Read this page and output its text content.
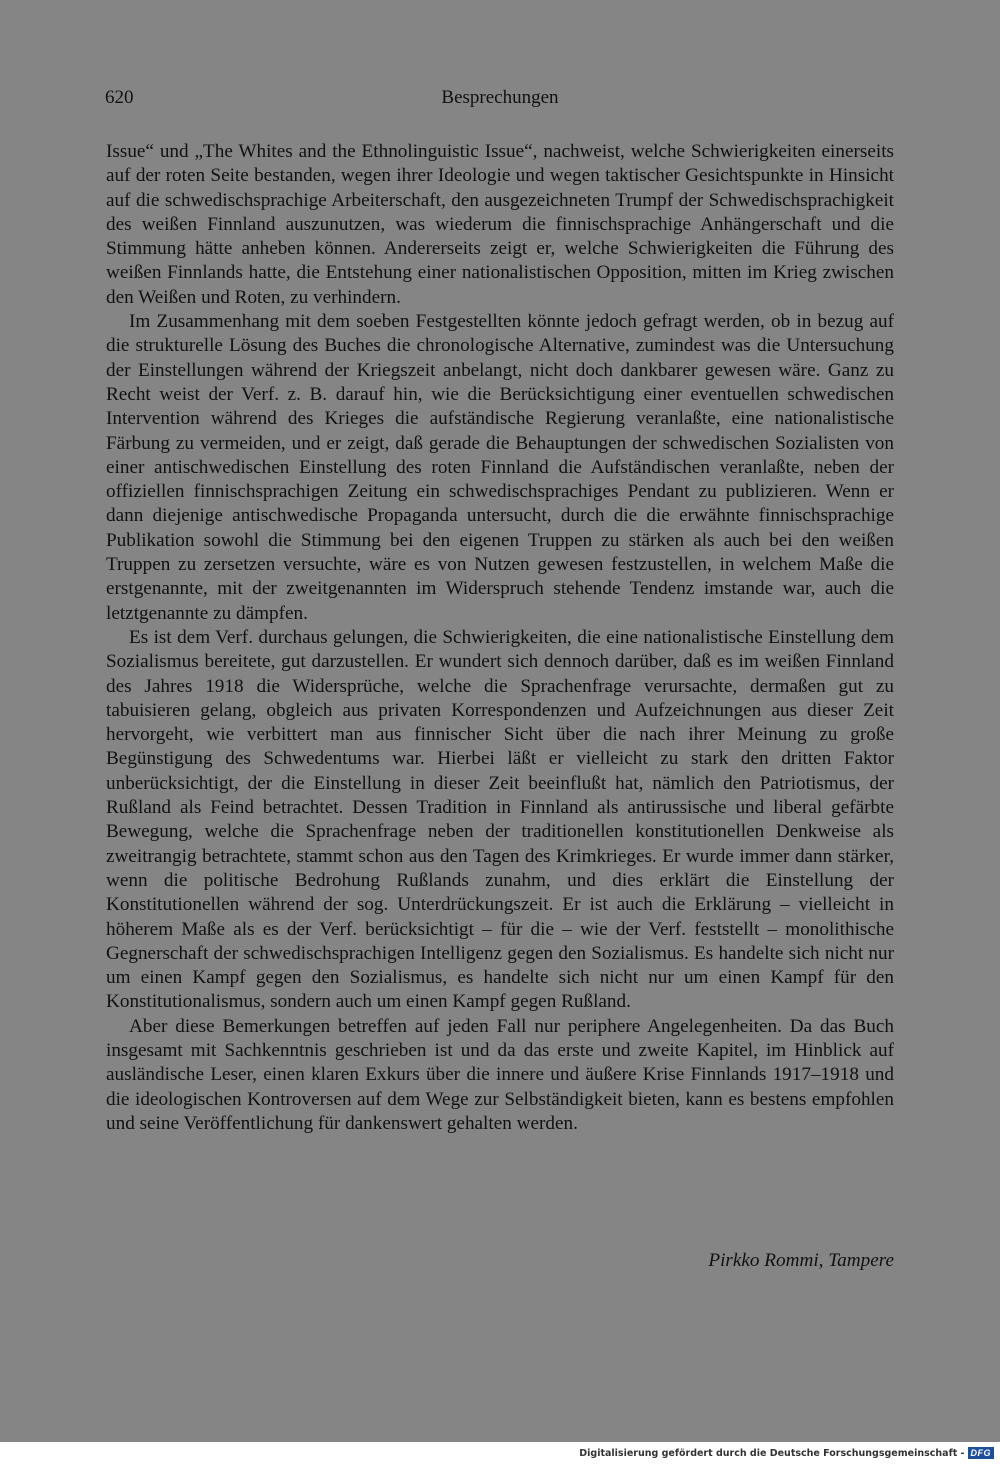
620	Besprechungen

Issue“ und „The Whites and the Ethnolinguistic Issue“, nachweist, welche Schwierigkeiten einerseits auf der roten Seite bestanden, wegen ihrer Ideologie und wegen taktischer Gesichtspunkte in Hinsicht auf die schwedischsprachige Arbeiterschaft, den ausgezeichneten Trumpf der Schwedischsprachigkeit des weißen Finnland auszunutzen, was wiederum die finnischsprachige Anhängerschaft und die Stimmung hätte anheben können. Andererseits zeigt er, welche Schwierigkeiten die Führung des weißen Finnlands hatte, die Entstehung einer nationalistischen Opposition, mitten im Krieg zwischen den Weißen und Roten, zu verhindern.

Im Zusammenhang mit dem soeben Festgestellten könnte jedoch gefragt werden, ob in bezug auf die strukturelle Lösung des Buches die chronologische Alternative, zumindest was die Untersuchung der Einstellungen während der Kriegszeit anbelangt, nicht doch dankbarer gewesen wäre. Ganz zu Recht weist der Verf. z. B. darauf hin, wie die Berücksichtigung einer eventuellen schwedischen Intervention während des Krieges die aufständische Regierung veranlaßte, eine nationalistische Färbung zu vermeiden, und er zeigt, daß gerade die Behauptungen der schwedischen Sozialisten von einer antischwedischen Einstellung des roten Finnland die Aufständischen veranlaßte, neben der offiziellen finnischsprachigen Zeitung ein schwedischsprachiges Pendant zu publizieren. Wenn er dann diejenige antischwedische Propaganda untersucht, durch die die erwähnte finnischsprachige Publikation sowohl die Stimmung bei den eigenen Truppen zu stärken als auch bei den weißen Truppen zu zersetzen versuchte, wäre es von Nutzen gewesen festzustellen, in welchem Maße die erstgenannte, mit der zweitgenannten im Widerspruch stehende Tendenz imstande war, auch die letztgenannte zu dämpfen.

Es ist dem Verf. durchaus gelungen, die Schwierigkeiten, die eine nationalistische Einstellung dem Sozialismus bereitete, gut darzustellen. Er wundert sich dennoch darüber, daß es im weißen Finnland des Jahres 1918 die Widersprüche, welche die Sprachenfrage verursachte, dermaßen gut zu tabuisieren gelang, obgleich aus privaten Korrespondenzen und Aufzeichnungen aus dieser Zeit hervorgeht, wie verbittert man aus finnischer Sicht über die nach ihrer Meinung zu große Begünstigung des Schwedentums war. Hierbei läßt er vielleicht zu stark den dritten Faktor unberücksichtigt, der die Einstellung in dieser Zeit beeinflußt hat, nämlich den Patriotismus, der Rußland als Feind betrachtet. Dessen Tradition in Finnland als antirussische und liberal gefärbte Bewegung, welche die Sprachenfrage neben der traditionellen konstitutionellen Denkweise als zweitrangig betrachtete, stammt schon aus den Tagen des Krimkrieges. Er wurde immer dann stärker, wenn die politische Bedrohung Rußlands zunahm, und dies erklärt die Einstellung der Konstitutionellen während der sog. Unterdrückungszeit. Er ist auch die Erklärung – vielleicht in höherem Maße als es der Verf. berücksichtigt – für die – wie der Verf. feststellt – monolithische Gegnerschaft der schwedischsprachigen Intelligenz gegen den Sozialismus. Es handelte sich nicht nur um einen Kampf gegen den Sozialismus, es handelte sich nicht nur um einen Kampf für den Konstitutionalismus, sondern auch um einen Kampf gegen Rußland.

Aber diese Bemerkungen betreffen auf jeden Fall nur periphere Angelegenheiten. Da das Buch insgesamt mit Sachkenntnis geschrieben ist und da das erste und zweite Kapitel, im Hinblick auf ausländische Leser, einen klaren Exkurs über die innere und äußere Krise Finnlands 1917–1918 und die ideologischen Kontroversen auf dem Wege zur Selbständigkeit bieten, kann es bestens empfohlen und seine Veröffentlichung für dankenswert gehalten werden.

Pirkko Rommi, Tampere

Digitalisierung gefördert durch die Deutsche Forschungsgemeinschaft - DFG
